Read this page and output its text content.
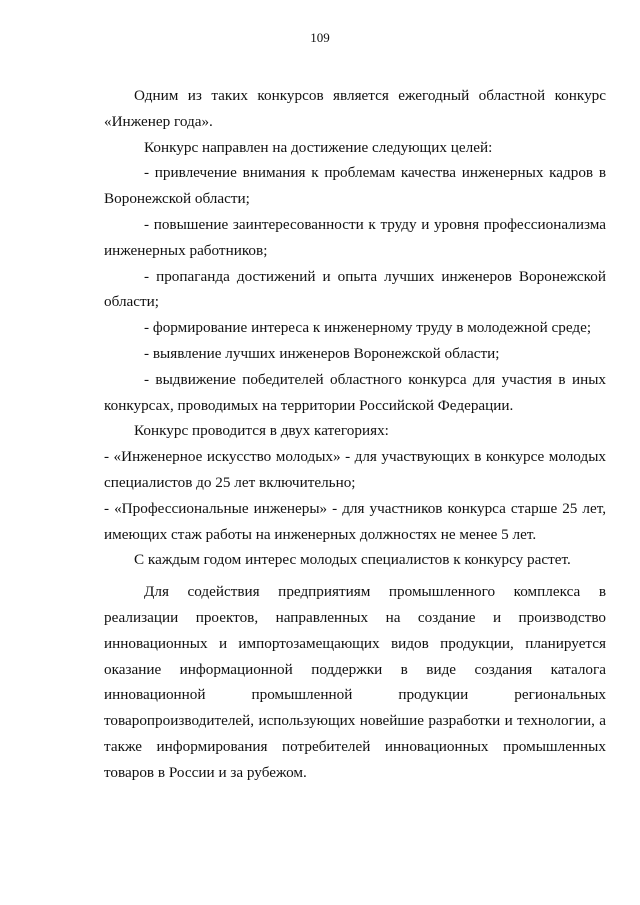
109

Одним из таких конкурсов является ежегодный областной конкурс «Инженер года».

Конкурс направлен на достижение следующих целей:

- привлечение внимания к проблемам качества инженерных кадров в Воронежской области;

- повышение заинтересованности к труду и уровня профессионализма инженерных работников;

- пропаганда достижений и опыта лучших инженеров Воронежской области;

- формирование интереса к инженерному труду в молодежной среде;

- выявление лучших инженеров Воронежской области;

- выдвижение победителей областного конкурса для участия в иных конкурсах, проводимых на территории Российской Федерации.

Конкурс проводится в двух категориях:

- «Инженерное искусство молодых» - для участвующих в конкурсе молодых специалистов до 25 лет включительно;

- «Профессиональные инженеры» - для участников конкурса старше 25 лет, имеющих стаж работы на инженерных должностях не менее 5 лет.

С каждым годом интерес молодых специалистов к конкурсу растет.

Для содействия предприятиям промышленного комплекса в реализации проектов, направленных на создание и производство инновационных и импортозамещающих видов продукции, планируется оказание информационной поддержки в виде создания каталога инновационной промышленной продукции региональных товаропроизводителей, использующих новейшие разработки и технологии, а также информирования потребителей инновационных промышленных товаров в России и за рубежом.
